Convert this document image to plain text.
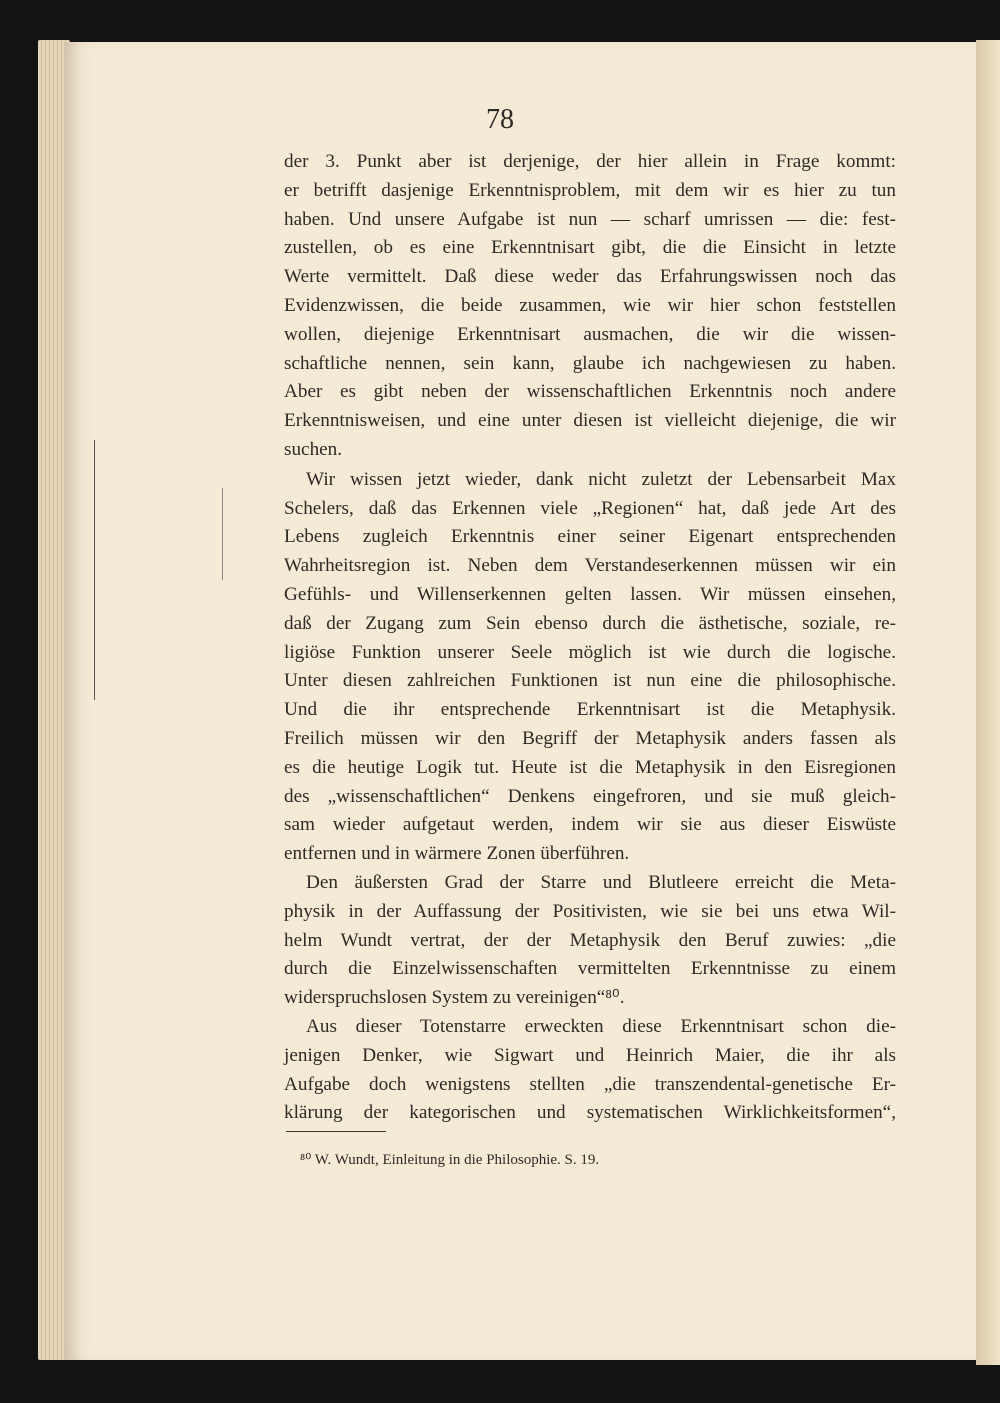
78

der 3. Punkt aber ist derjenige, der hier allein in Frage kommt:
er betrifft dasjenige Erkenntnisproblem, mit dem wir es hier zu tun
haben. Und unsere Aufgabe ist nun — scharf umrissen — die: fest-
zustellen, ob es eine Erkenntnisart gibt, die die Einsicht in letzte
Werte vermittelt. Daß diese weder das Erfahrungswissen noch das
Evidenzwissen, die beide zusammen, wie wir hier schon feststellen
wollen, diejenige Erkenntnisart ausmachen, die wir die wissen-
schaftliche nennen, sein kann, glaube ich nachgewiesen zu haben.
Aber es gibt neben der wissenschaftlichen Erkenntnis noch andere
Erkenntnisweisen, und eine unter diesen ist vielleicht diejenige, die wir
suchen.

Wir wissen jetzt wieder, dank nicht zuletzt der Lebensarbeit Max
Schelers, daß das Erkennen viele „Regionen“ hat, daß jede Art des
Lebens zugleich Erkenntnis einer seiner Eigenart entsprechenden
Wahrheitsregion ist. Neben dem Verstandeserkennen müssen wir ein
Gefühls- und Willenserkennen gelten lassen. Wir müssen einsehen,
daß der Zugang zum Sein ebenso durch die ästhetische, soziale, re-
ligiöse Funktion unserer Seele möglich ist wie durch die logische.
Unter diesen zahlreichen Funktionen ist nun eine die philosophische.
Und die ihr entsprechende Erkenntnisart ist die Metaphysik.
Freilich müssen wir den Begriff der Metaphysik anders fassen als
es die heutige Logik tut. Heute ist die Metaphysik in den Eisregionen
des „wissenschaftlichen“ Denkens eingefroren, und sie muß gleich-
sam wieder aufgetaut werden, indem wir sie aus dieser Eiswüste
entfernen und in wärmere Zonen überführen.

Den äußersten Grad der Starre und Blutleere erreicht die Meta-
physik in der Auffassung der Positivisten, wie sie bei uns etwa Wil-
helm Wundt vertrat, der der Metaphysik den Beruf zuwies: „die
durch die Einzelwissenschaften vermittelten Erkenntnisse zu einem
widerspruchslosen System zu vereinigen“⁸⁰.

Aus dieser Totenstarre erweckten diese Erkenntnisart schon die-
jenigen Denker, wie Sigwart und Heinrich Maier, die ihr als
Aufgabe doch wenigstens stellten „die transzendental-genetische Er-
klärung der kategorischen und systematischen Wirklichkeitsformen“,

⁸⁰ W. Wundt, Einleitung in die Philosophie. S. 19.
